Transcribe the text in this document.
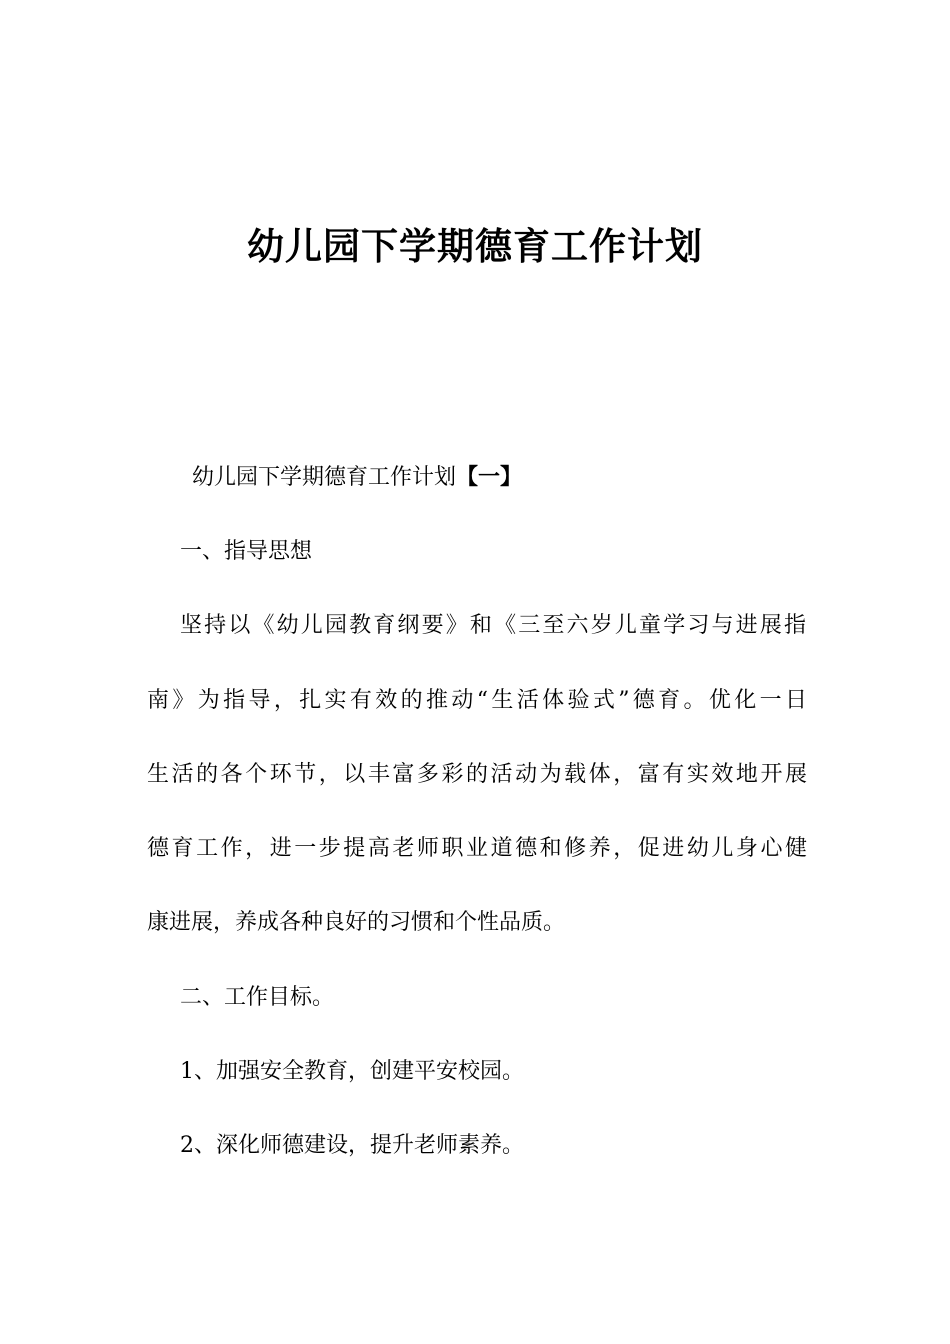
幼儿园下学期德育工作计划

幼儿园下学期德育工作计划【一】

一、指导思想

坚持以《幼儿园教育纲要》和《三至六岁儿童学习与进展指

南》为指导，扎实有效的推动“生活体验式”德育。优化一日

生活的各个环节，以丰富多彩的活动为载体，富有实效地开展

德育工作，进一步提高老师职业道德和修养，促进幼儿身心健

康进展，养成各种良好的习惯和个性品质。

二、工作目标。

1、加强安全教育，创建平安校园。

2、深化师德建设，提升老师素养。
